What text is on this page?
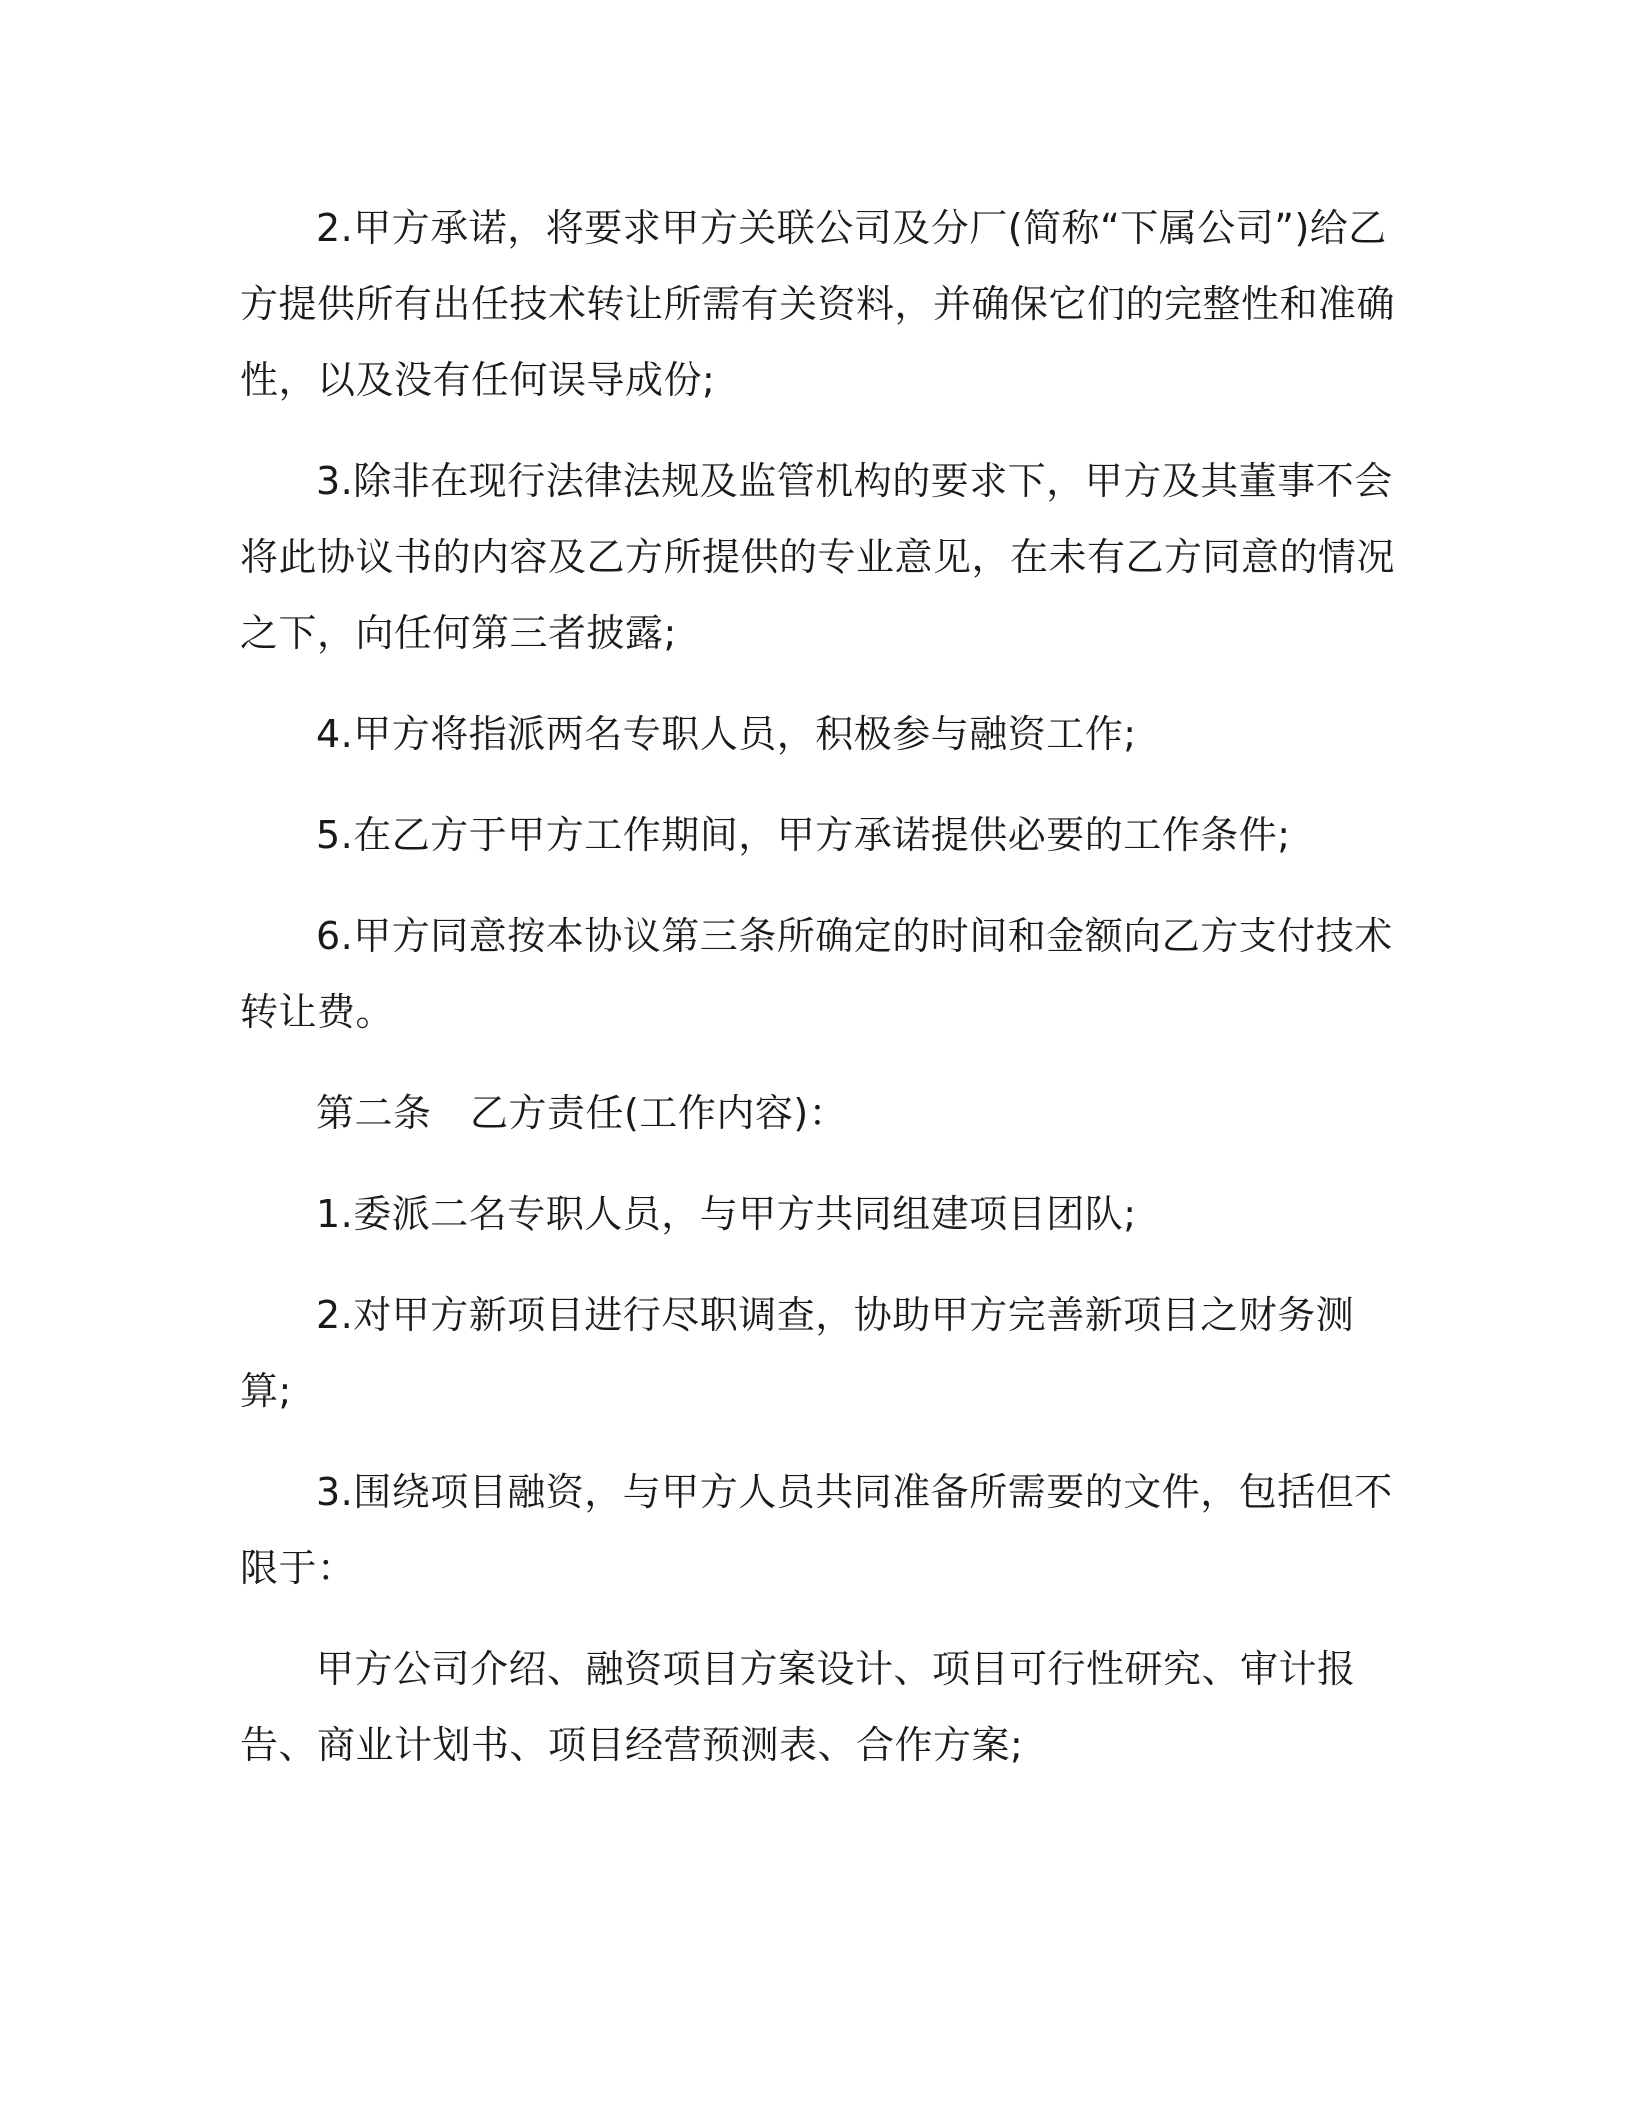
2.甲方承诺，将要求甲方关联公司及分厂(简称“下属公司”)给乙方提供所有出任技术转让所需有关资料，并确保它们的完整性和准确性，以及没有任何误导成份;

3.除非在现行法律法规及监管机构的要求下，甲方及其董事不会将此协议书的内容及乙方所提供的专业意见，在未有乙方同意的情况之下，向任何第三者披露;

4.甲方将指派两名专职人员，积极参与融资工作;

5.在乙方于甲方工作期间，甲方承诺提供必要的工作条件;

6.甲方同意按本协议第三条所确定的时间和金额向乙方支付技术转让费。

第二条　乙方责任(工作内容)：

1.委派二名专职人员，与甲方共同组建项目团队;

2.对甲方新项目进行尽职调查，协助甲方完善新项目之财务测算;

3.围绕项目融资，与甲方人员共同准备所需要的文件，包括但不限于：

甲方公司介绍、融资项目方案设计、项目可行性研究、审计报告、商业计划书、项目经营预测表、合作方案;
